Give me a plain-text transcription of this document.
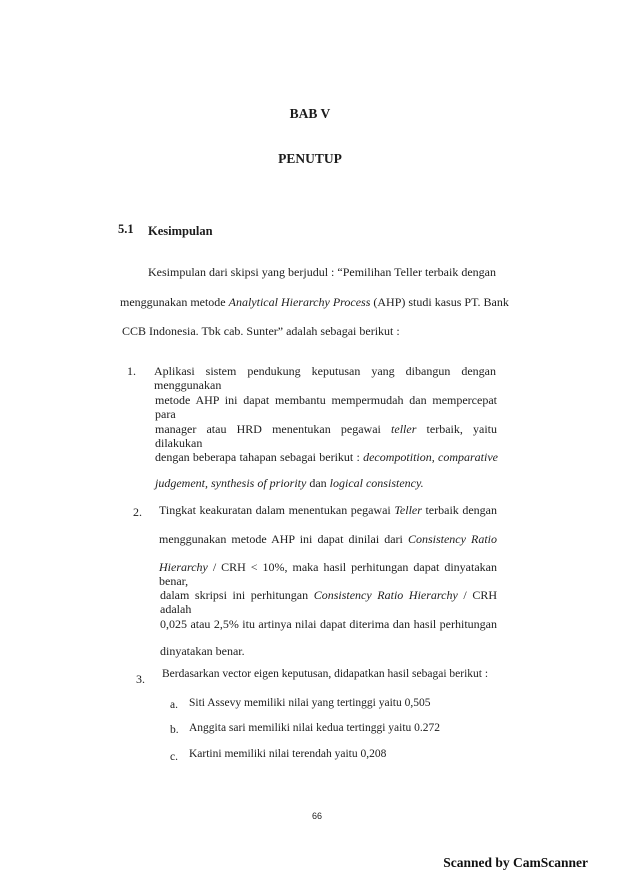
BAB V
PENUTUP
5.1 Kesimpulan
Kesimpulan dari skipsi yang berjudul : “Pemilihan Teller terbaik dengan
menggunakan metode Analytical Hierarchy Process (AHP) studi kasus PT. Bank
CCB Indonesia. Tbk cab. Sunter” adalah sebagai berikut :
1. Aplikasi sistem pendukung keputusan yang dibangun dengan menggunakan
metode AHP ini dapat membantu mempermudah dan mempercepat para
manager atau HRD menentukan pegawai teller terbaik, yaitu dilakukan
dengan beberapa tahapan sebagai berikut : decompotition, comparative
judgement, synthesis of priority dan logical consistency.
2. Tingkat keakuratan dalam menentukan pegawai Teller terbaik dengan
menggunakan metode AHP ini dapat dinilai dari Consistency Ratio
Hierarchy / CRH < 10%, maka hasil perhitungan dapat dinyatakan benar,
dalam skripsi ini perhitungan Consistency Ratio Hierarchy / CRH adalah
0,025 atau 2,5% itu artinya nilai dapat diterima dan hasil perhitungan
dinyatakan benar.
3. Berdasarkan vector eigen keputusan, didapatkan hasil sebagai berikut :
a. Siti Assevy memiliki nilai yang tertinggi yaitu 0,505
b. Anggita sari memiliki nilai kedua tertinggi yaitu 0.272
c. Kartini memiliki nilai terendah yaitu 0,208
66
Scanned by CamScanner
